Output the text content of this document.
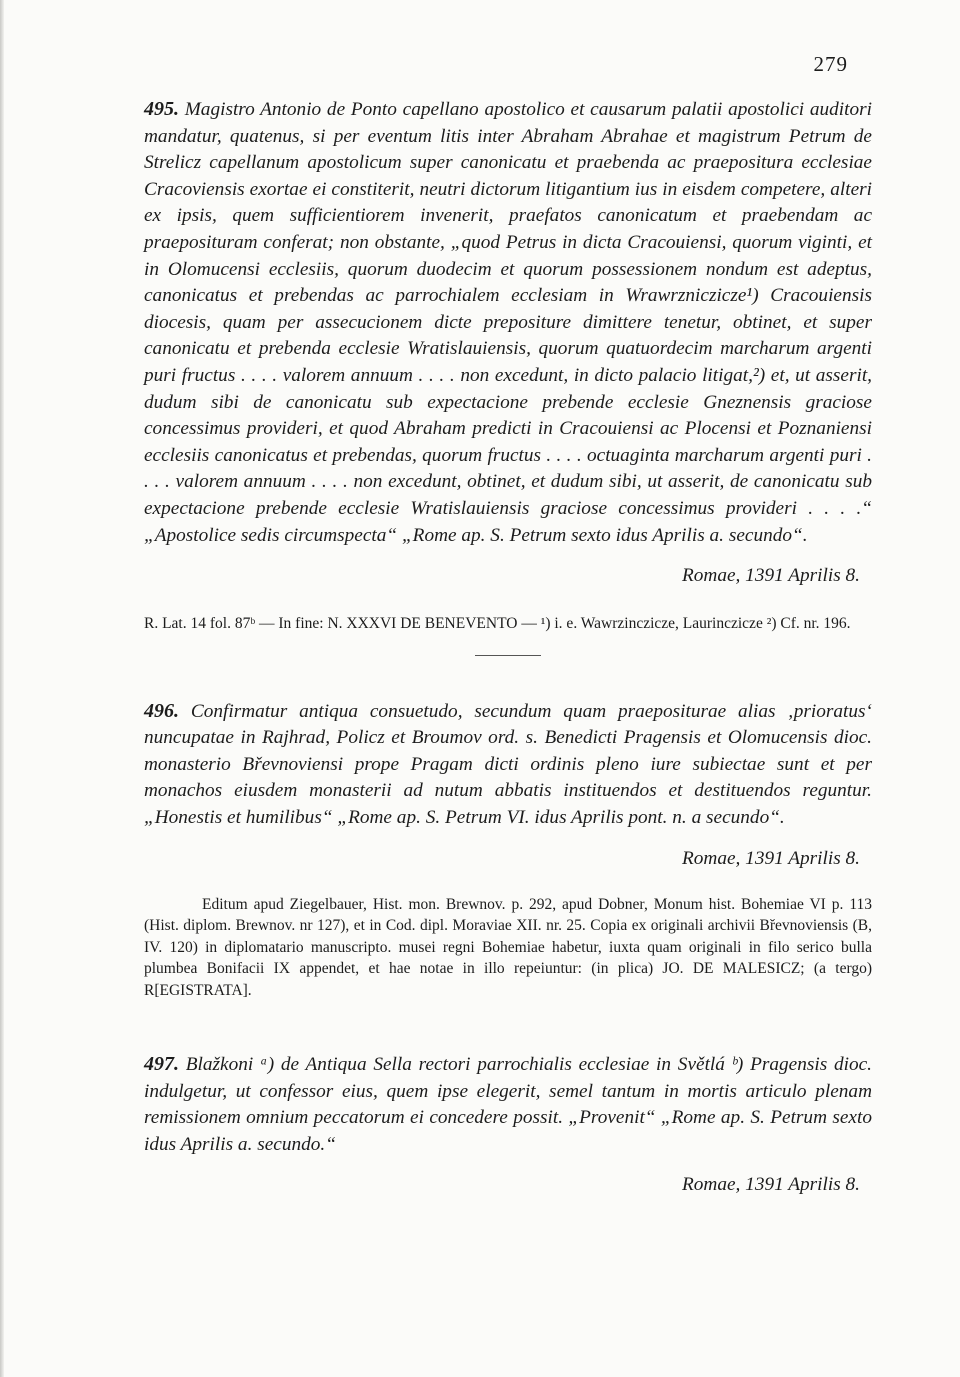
279

495. Magistro Antonio de Ponto capellano apostolico et causarum palatii apostolici auditori mandatur, quatenus, si per eventum litis inter Abraham Abrahae et magistrum Petrum de Strelicz capellanum apostolicum super canonicatu et praebenda ac praepositura ecclesiae Cracoviensis exortae ei constiterit, neutri dictorum litigantium ius in eisdem competere, alteri ex ipsis, quem sufficientiorem invenerit, praefatos canonicatum et praebendam ac praeposituram conferat; non obstante, „quod Petrus in dicta Cracouiensi, quorum viginti, et in Olomucensi ecclesiis, quorum duodecim et quorum possessionem nondum est adeptus, canonicatus et prebendas ac parrochialem ecclesiam in Wrawrzniczicze¹) Cracouiensis diocesis, quam per assecucionem dicte prepositure dimittere tenetur, obtinet, et super canonicatu et prebenda ecclesie Wratislauiensis, quorum quatuordecim marcharum argenti puri fructus . . . . valorem annuum . . . . non excedunt, in dicto palacio litigat,²) et, ut asserit, dudum sibi de canonicatu sub expectacione prebende ecclesie Gneznensis graciose concessimus provideri, et quod Abraham predicti in Cracouiensi ac Plocensi et Poznaniensi ecclesiis canonicatus et prebendas, quorum fructus . . . . octuaginta marcharum argenti puri . . . . valorem annuum . . . . non excedunt, obtinet, et dudum sibi, ut asserit, de canonicatu sub expectacione prebende ecclesie Wratislauiensis graciose concessimus provideri . . . .“ „Apostolice sedis circumspecta“ „Rome ap. S. Petrum sexto idus Aprilis a. secundo“.

Romae, 1391 Aprilis 8.

R. Lat. 14 fol. 87ᵇ — In fine: N. XXXVI DE BENEVENTO — ¹) i. e. Wawrzinczicze, Laurinczicze ²) Cf. nr. 196.

496. Confirmatur antiqua consuetudo, secundum quam praepositurae alias ‚prioratus‘ nuncupatae in Rajhrad, Policz et Broumov ord. s. Benedicti Pragensis et Olomucensis dioc. monasterio Břevnoviensi prope Pragam dicti ordinis pleno iure subiectae sunt et per monachos eiusdem monasterii ad nutum abbatis instituendos et destituendos reguntur. „Honestis et humilibus“ „Rome ap. S. Petrum VI. idus Aprilis pont. n. a secundo“.

Romae, 1391 Aprilis 8.

Editum apud Ziegelbauer, Hist. mon. Brewnov. p. 292, apud Dobner, Monum hist. Bohemiae VI p. 113 (Hist. diplom. Brewnov. nr 127), et in Cod. dipl. Moraviae XII. nr. 25. Copia ex originali archivii Břevnoviensis (B, IV. 120) in diplomatario manuscripto. musei regni Bohemiae habetur, iuxta quam originali in filo serico bulla plumbea Bonifacii IX appendet, et hae notae in illo repeiuntur: (in plica) JO. DE MALESICZ; (a tergo) R[EGISTRATA].

497. Blažkoni ᵃ) de Antiqua Sella rectori parrochialis ecclesiae in Světlá ᵇ) Pragensis dioc. indulgetur, ut confessor eius, quem ipse elegerit, semel tantum in mortis articulo plenam remissionem omnium peccatorum ei concedere possit. „Provenit“ „Rome ap. S. Petrum sexto idus Aprilis a. secundo.“

Romae, 1391 Aprilis 8.
